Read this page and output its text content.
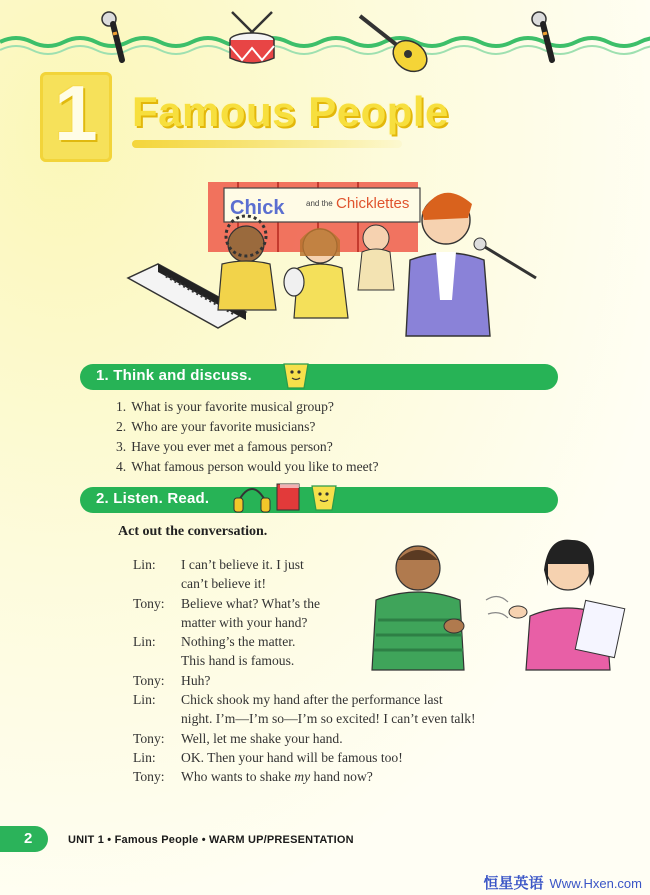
1 Famous People
Chick	and the Chicklettes
1. Think and discuss.
1. What is your favorite musical group?
2. Who are your favorite musicians?
3. Have you ever met a famous person?
4. What famous person would you like to meet?
2. Listen. Read.
Act out the conversation.
Lin:	I can’t believe it. I just
can’t believe it!
Tony:	Believe what? What’s the
matter with your hand?
Lin:	Nothing’s the matter.
This hand is famous.
Tony:	Huh?
Lin:	Chick shook my hand after the performance last
night. I’m—I’m so—I’m so excited! I can’t even talk!
Tony:	Well, let me shake your hand.
Lin:	OK. Then your hand will be famous too!
Tony:	Who wants to shake my hand now?
2	UNIT 1 • Famous People • WARM UP/PRESENTATION
恒星英语 Www.Hxen.com
